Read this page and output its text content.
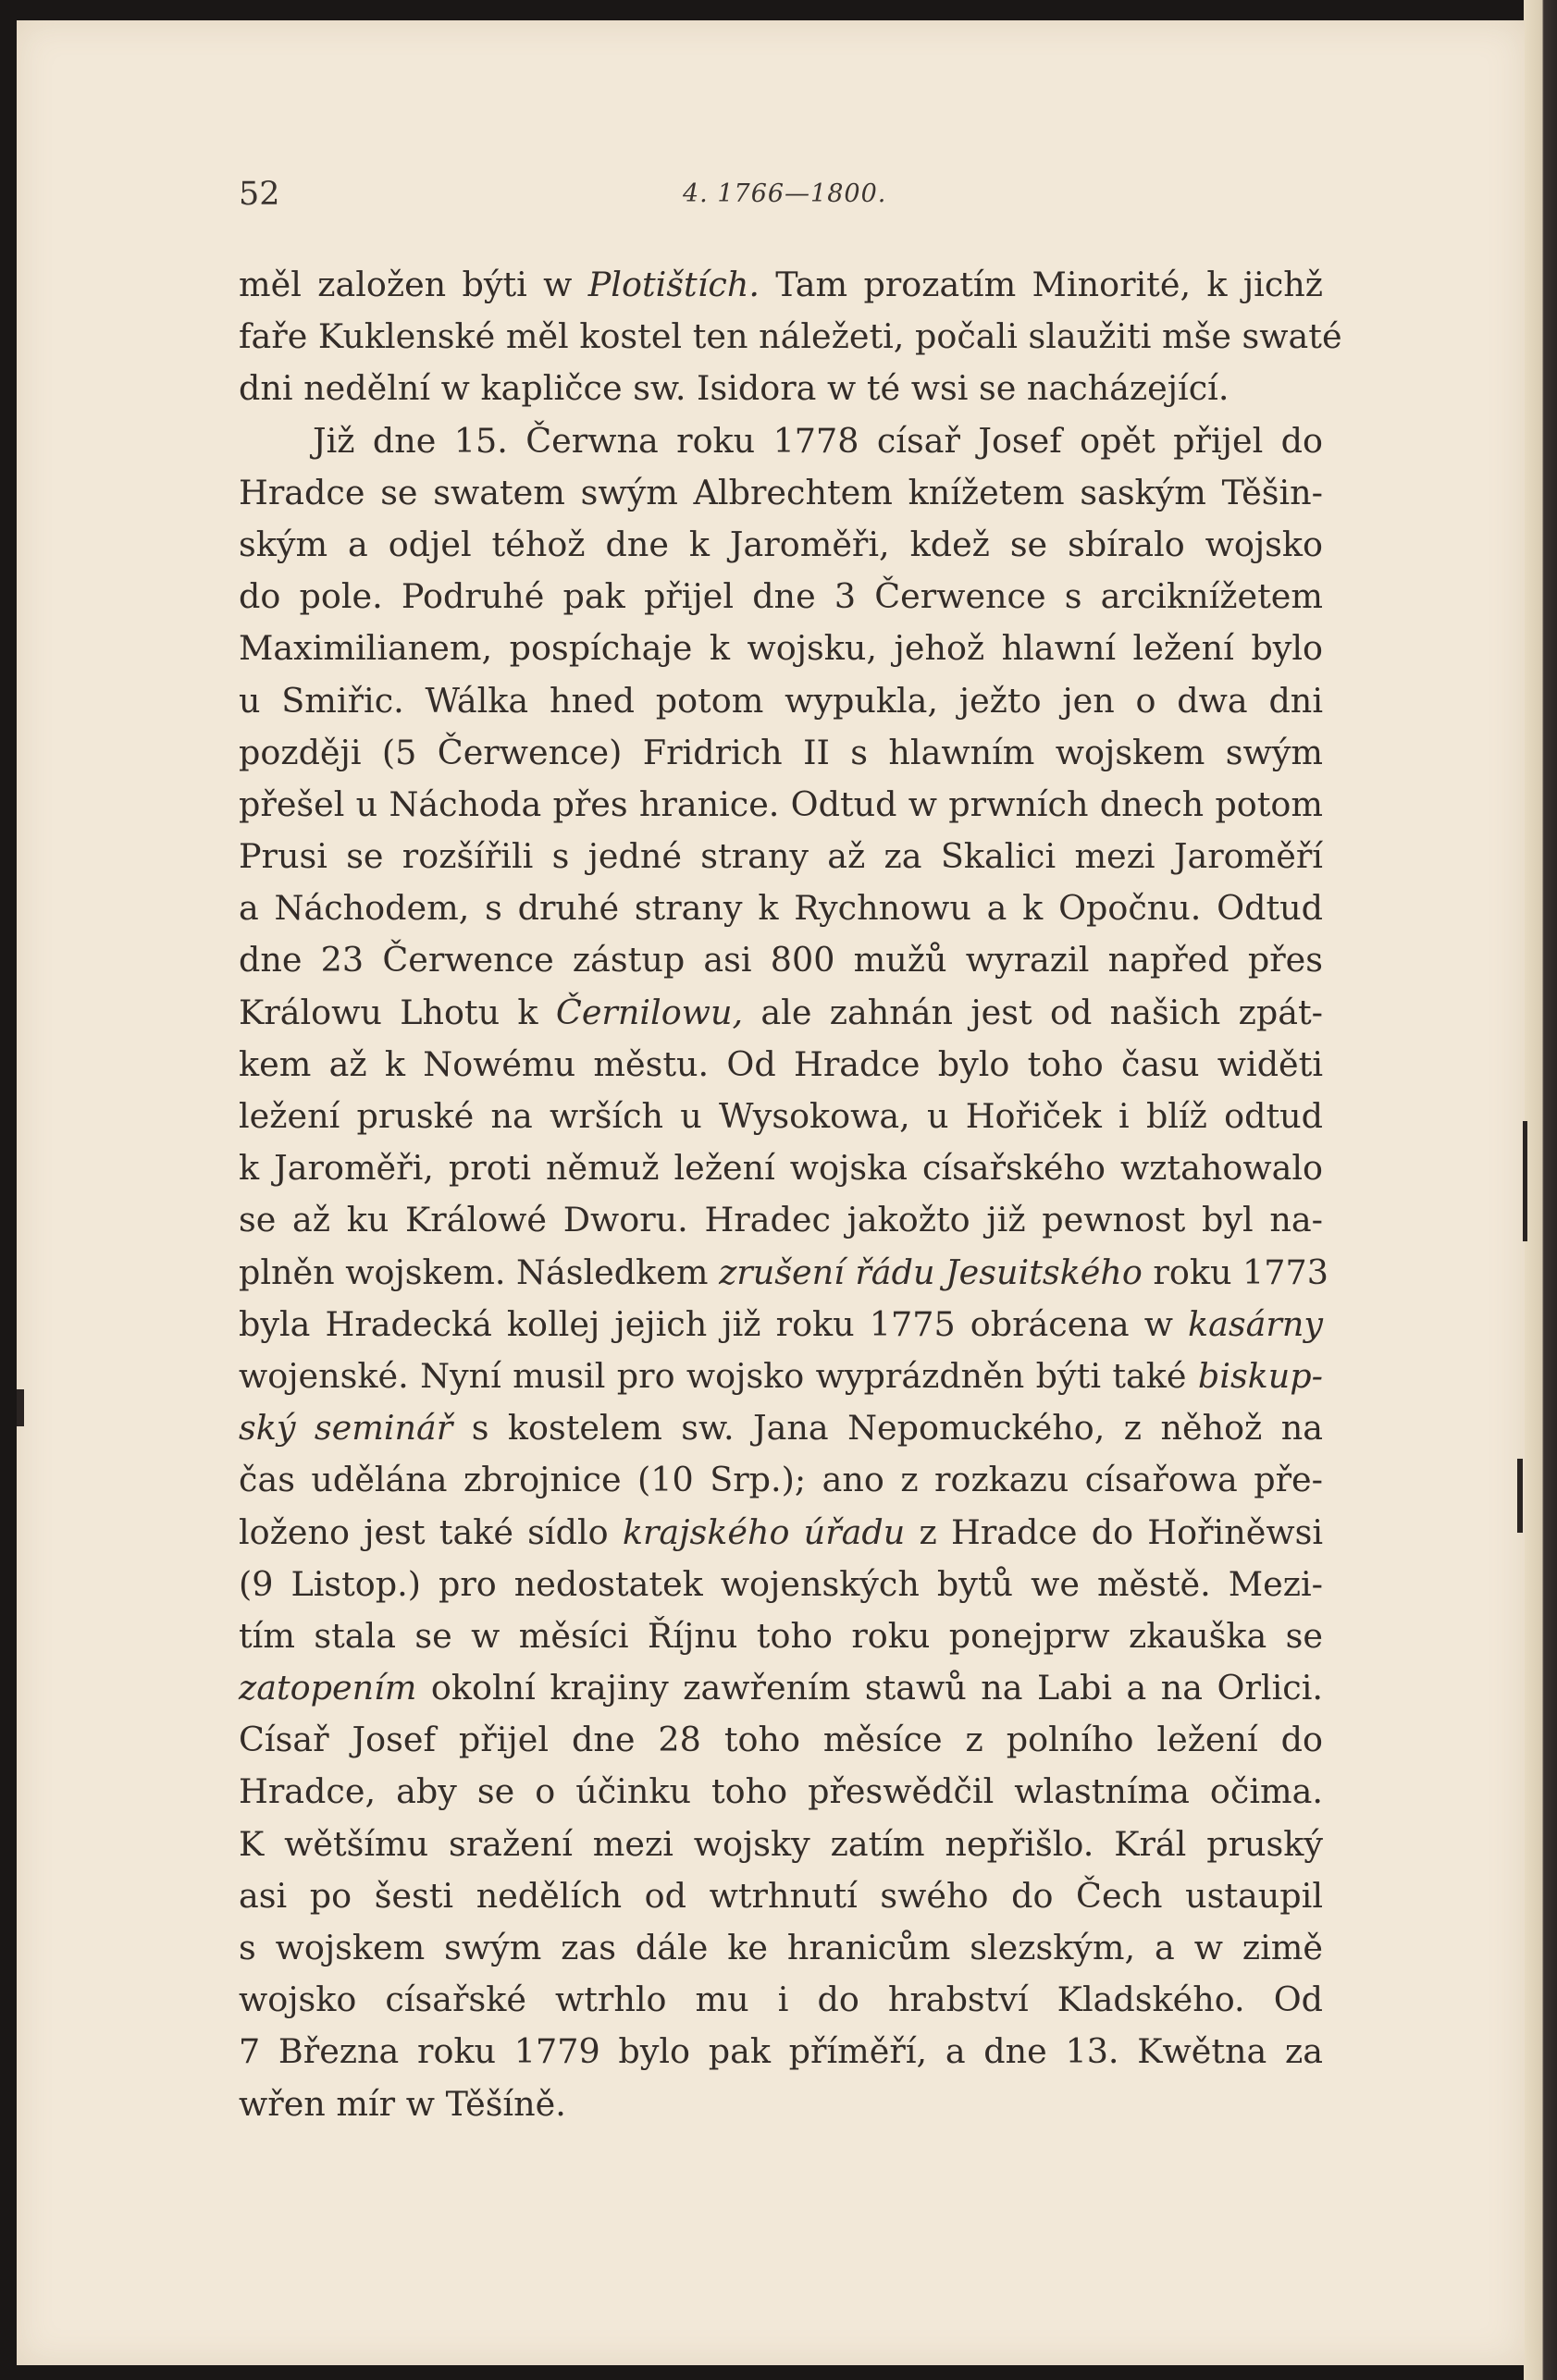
52	4. 1766—1800.
měl založen býti w Plotištích. Tam prozatím Minorité, k jichž
faře Kuklenské měl kostel ten náležeti, počali slaužiti mše swaté
dni nedělní w kapličce sw. Isidora w té wsi se nacházející.
Již dne 15. Čerwna roku 1778 císař Josef opět přijel do
Hradce se swatem swým Albrechtem knížetem saským Těšin-
ským a odjel téhož dne k Jaroměři, kdež se sbíralo wojsko
do pole. Podruhé pak přijel dne 3 Čerwence s arciknížetem
Maximilianem, pospíchaje k wojsku, jehož hlawní ležení bylo
u Smiřic. Wálka hned potom wypukla, ježto jen o dwa dni
později (5 Čerwence) Fridrich II s hlawním wojskem swým
přešel u Náchoda přes hranice. Odtud w prwních dnech potom
Prusi se rozšířili s jedné strany až za Skalici mezi Jaroměří
a Náchodem, s druhé strany k Rychnowu a k Opočnu. Odtud
dne 23 Čerwence zástup asi 800 mužů wyrazil napřed přes
Králowu Lhotu k Černilowu, ale zahnán jest od našich zpát-
kem až k Nowému městu. Od Hradce bylo toho času widěti
ležení pruské na wrších u Wysokowa, u Hořiček i blíž odtud
k Jaroměři, proti němuž ležení wojska císařského wztahowalo
se až ku Králowé Dworu. Hradec jakožto již pewnost byl na-
plněn wojskem. Následkem zrušení řádu Jesuitského roku 1773
byla Hradecká kollej jejich již roku 1775 obrácena w kasárny
wojenské. Nyní musil pro wojsko wyprázdněn býti také biskup-
ský seminář s kostelem sw. Jana Nepomuckého, z něhož na
čas udělána zbrojnice (10 Srp.); ano z rozkazu císařowa pře-
loženo jest také sídlo krajského úřadu z Hradce do Hořiněwsi
(9 Listop.) pro nedostatek wojenských bytů we městě. Mezi-
tím stala se w měsíci Říjnu toho roku ponejprw zkauška se
zatopením okolní krajiny zawřením stawů na Labi a na Orlici.
Císař Josef přijel dne 28 toho měsíce z polního ležení do
Hradce, aby se o účinku toho přeswědčil wlastníma očima.
K wětšímu sražení mezi wojsky zatím nepřišlo. Král pruský
asi po šesti nedělích od wtrhnutí swého do Čech ustaupil
s wojskem swým zas dále ke hranicům slezským, a w zimě
wojsko císařské wtrhlo mu i do hrabství Kladského. Od
7 Března roku 1779 bylo pak příměří, a dne 13. Kwětna za
wřen mír w Těšíně.
